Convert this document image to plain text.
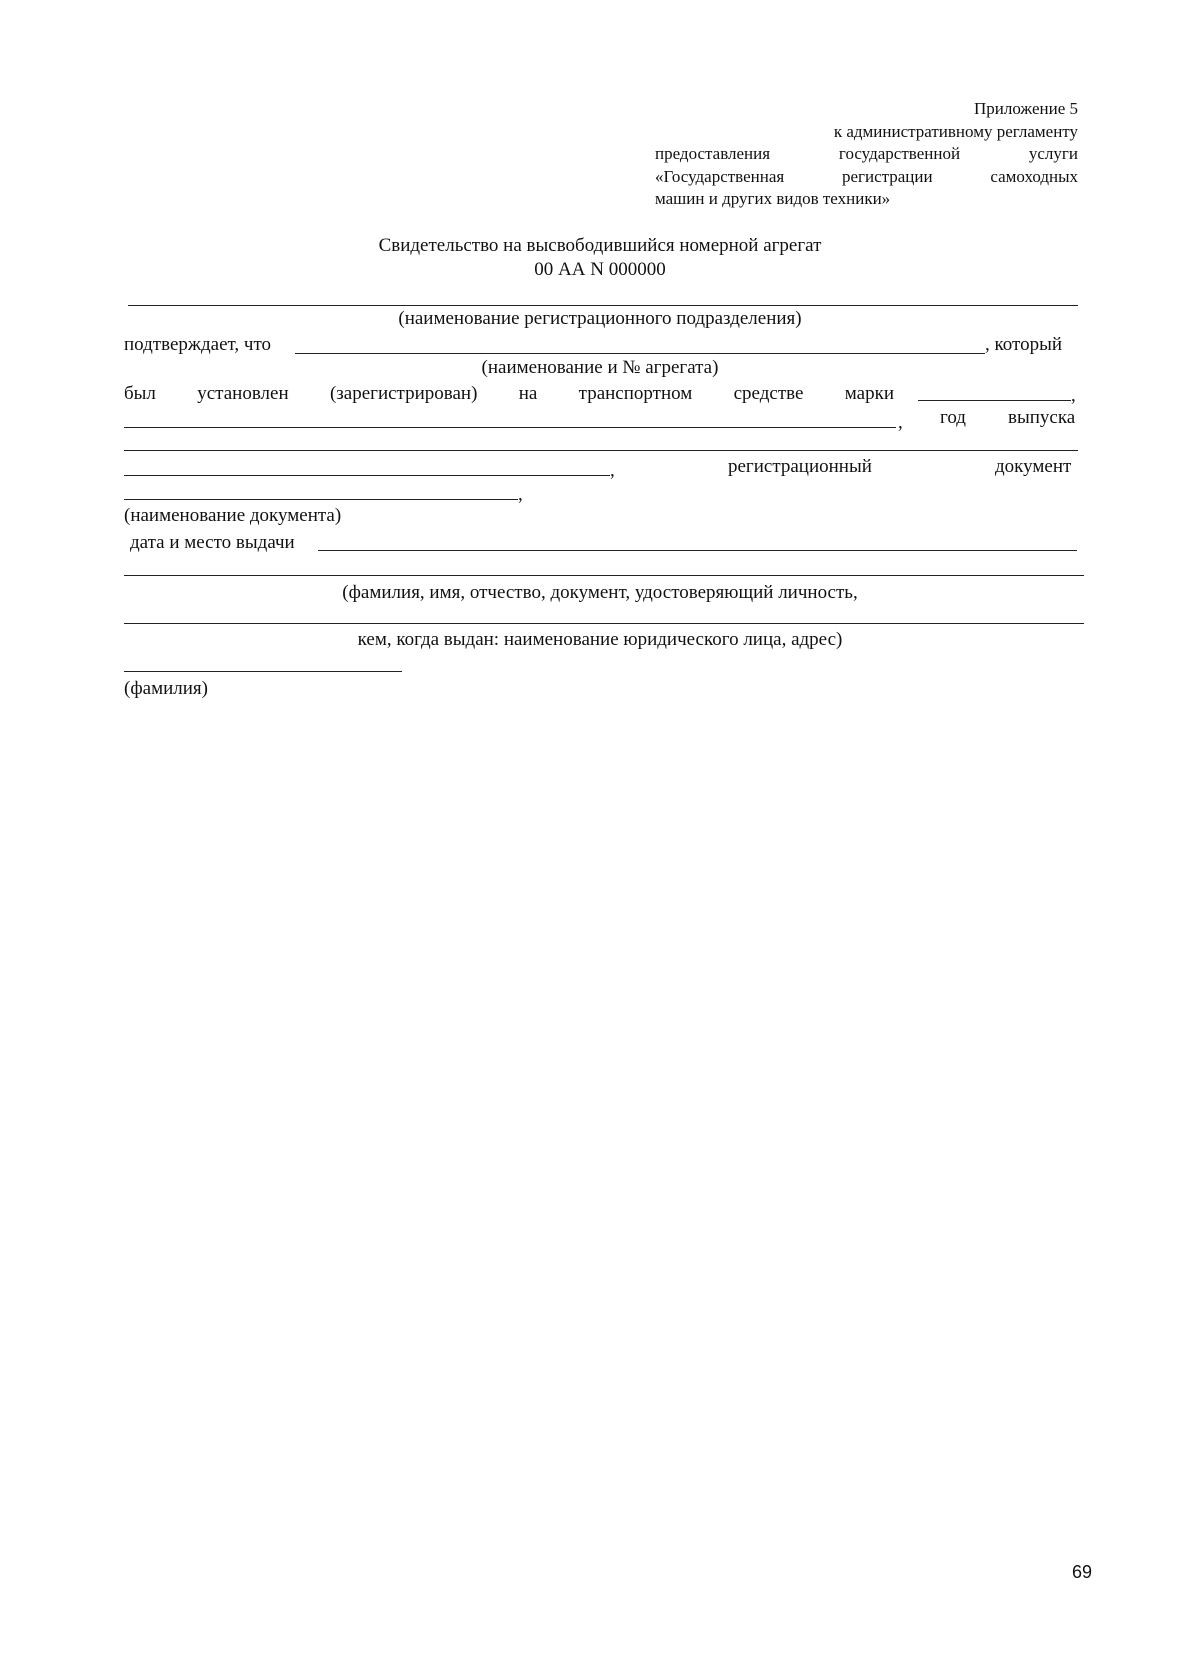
Приложение 5
к административному регламенту
предоставления	государственной	услуги
«Государственная	регистрации	самоходных
машин и других видов техники»
Свидетельство на высвободившийся номерной агрегат
00 АА N 000000
(наименование регистрационного подразделения)
подтверждает, что	, который
(наименование и № агрегата)
был установлен (зарегистрирован) на транспортном средстве марки	,
, год выпуска
,	регистрационный	документ
,
(наименование документа)
дата и место выдачи
(фамилия, имя, отчество, документ, удостоверяющий личность,
кем, когда выдан: наименование юридического лица, адрес)
(фамилия)
69
